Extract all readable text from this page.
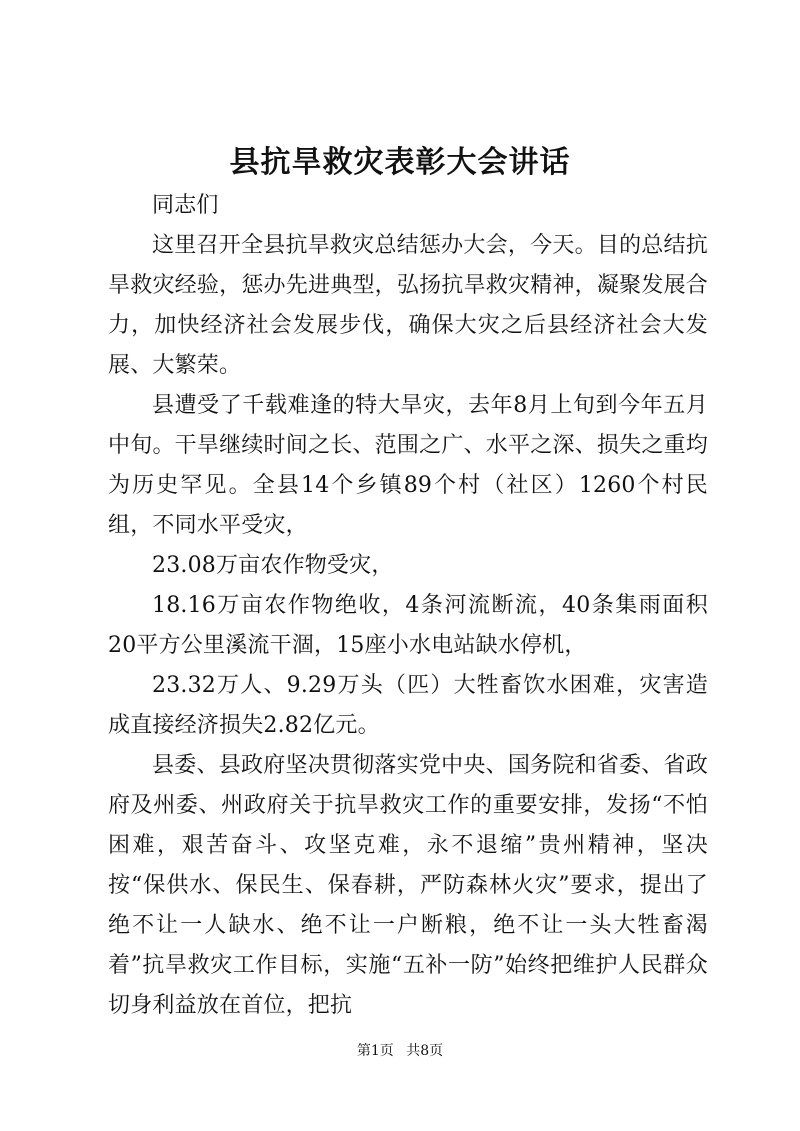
县抗旱救灾表彰大会讲话

同志们

这里召开全县抗旱救灾总结惩办大会，今天。目的总结抗旱救灾经验，惩办先进典型，弘扬抗旱救灾精神，凝聚发展合力，加快经济社会发展步伐，确保大灾之后县经济社会大发展、大繁荣。

县遭受了千载难逢的特大旱灾，去年8月上旬到今年五月中旬。干旱继续时间之长、范围之广、水平之深、损失之重均为历史罕见。全县14个乡镇89个村（社区）1260个村民组，不同水平受灾，

23.08万亩农作物受灾，

18.16万亩农作物绝收，4条河流断流，40条集雨面积20平方公里溪流干涸，15座小水电站缺水停机，

23.32万人、9.29万头（匹）大牲畜饮水困难，灾害造成直接经济损失2.82亿元。

县委、县政府坚决贯彻落实党中央、国务院和省委、省政府及州委、州政府关于抗旱救灾工作的重要安排，发扬“不怕困难，艰苦奋斗、攻坚克难，永不退缩”贵州精神，坚决按“保供水、保民生、保春耕，严防森林火灾”要求，提出了绝不让一人缺水、绝不让一户断粮，绝不让一头大牲畜渴着”抗旱救灾工作目标，实施“五补一防”始终把维护人民群众切身利益放在首位，把抗

第1页 共8页
